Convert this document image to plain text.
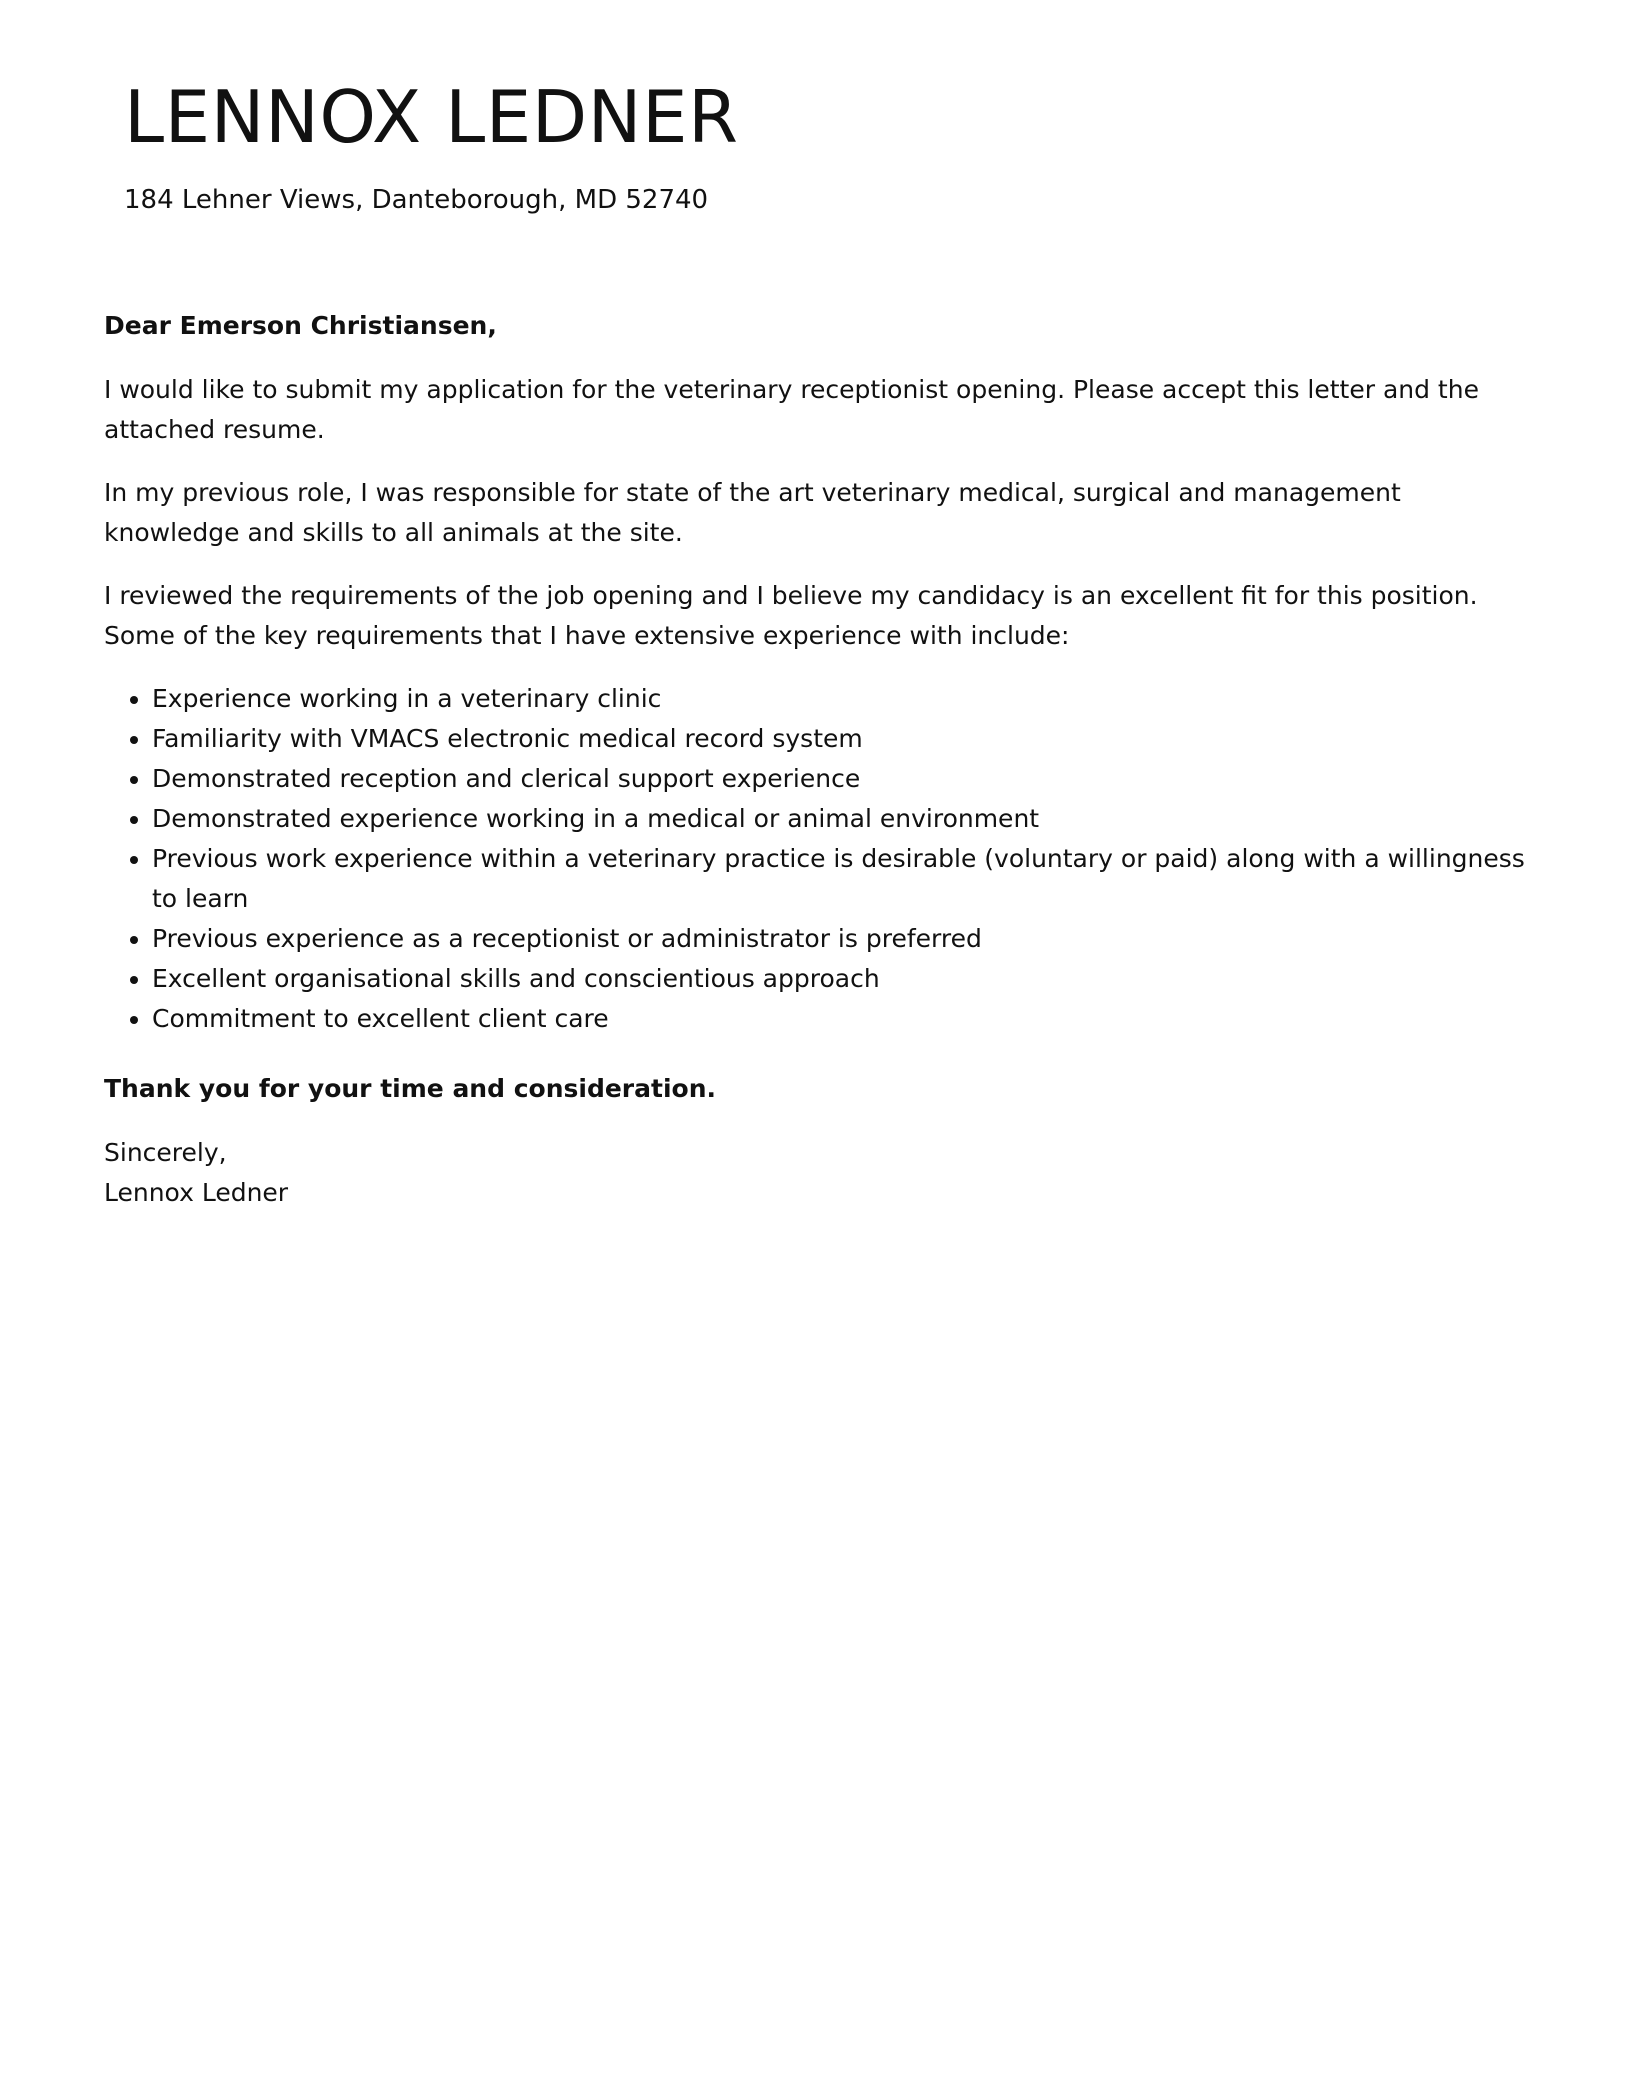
LENNOX LEDNER
184 Lehner Views, Danteborough, MD 52740

Dear Emerson Christiansen,

I would like to submit my application for the veterinary receptionist opening. Please accept this letter and the attached resume.

In my previous role, I was responsible for state of the art veterinary medical, surgical and management knowledge and skills to all animals at the site.

I reviewed the requirements of the job opening and I believe my candidacy is an excellent fit for this position. Some of the key requirements that I have extensive experience with include:

• Experience working in a veterinary clinic
• Familiarity with VMACS electronic medical record system
• Demonstrated reception and clerical support experience
• Demonstrated experience working in a medical or animal environment
• Previous work experience within a veterinary practice is desirable (voluntary or paid) along with a willingness to learn
• Previous experience as a receptionist or administrator is preferred
• Excellent organisational skills and conscientious approach
• Commitment to excellent client care

Thank you for your time and consideration.

Sincerely,
Lennox Ledner
